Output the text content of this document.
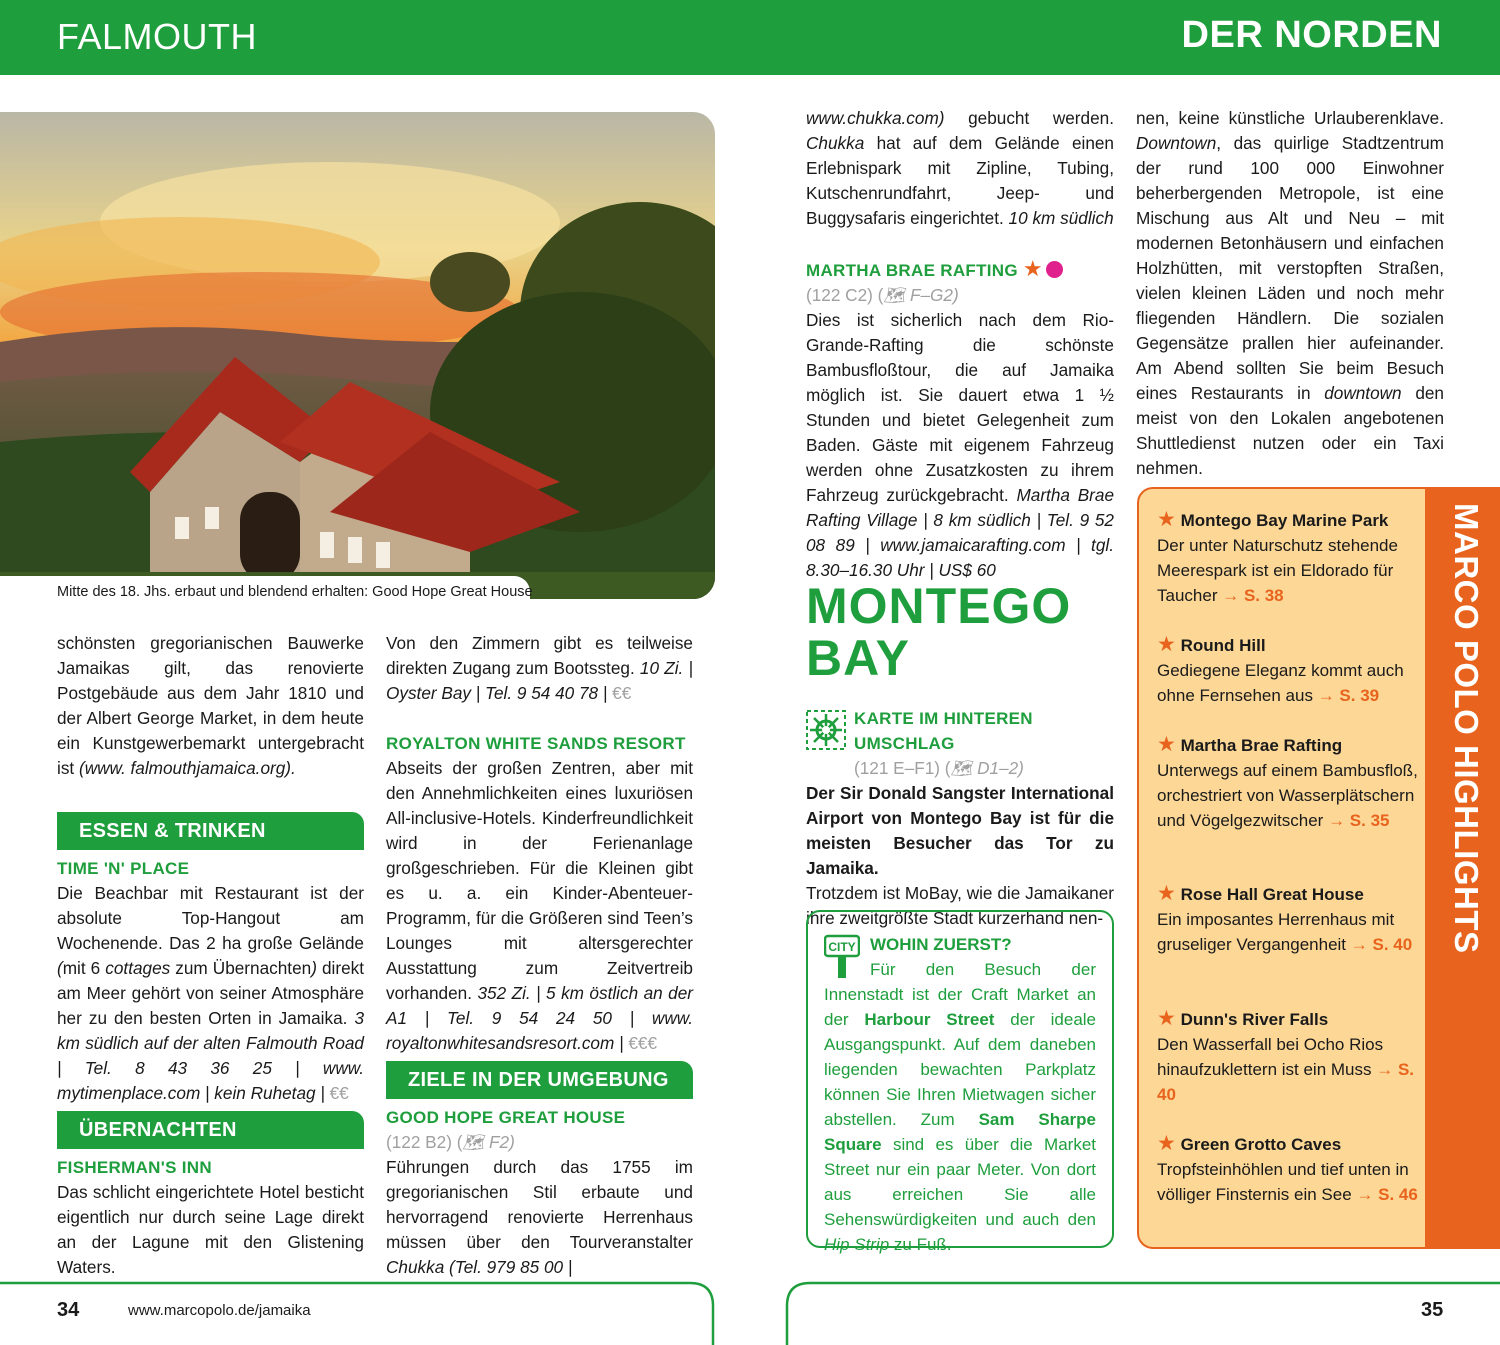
FALMOUTH	DER NORDEN
Mitte des 18. Jhs. erbaut und blendend erhalten: Good Hope Great House

schönsten gregorianischen Bauwerke Jamaikas gilt, das renovierte Postgebäude aus dem Jahr 1810 und der Albert George Market, in dem heute ein Kunstgewerbemarkt untergebracht ist (www. falmouthjamaica.org).

ESSEN & TRINKEN
TIME 'N' PLACE

Die Beachbar mit Restaurant ist der absolute Top-Hangout am Wochenende. Das 2 ha große Gelände (mit 6 cottages zum Übernachten) direkt am Meer gehört von seiner Atmosphäre her zu den besten Orten in Jamaika. 3 km südlich auf der alten Falmouth Road | Tel. 8 43 36 25 | www. mytimenplace.com | kein Ruhetag | €€

ÜBERNACHTEN
FISHERMAN'S INN

Das schlicht eingerichtete Hotel besticht eigentlich nur durch seine Lage direkt an der Lagune mit den Glistening Waters.

Von den Zimmern gibt es teilweise direkten Zugang zum Bootssteg. 10 Zi. | Oyster Bay | Tel. 9 54 40 78 | €€

ROYALTON WHITE SANDS RESORT

Abseits der großen Zentren, aber mit den Annehmlichkeiten eines luxuriösen All-inclusive-Hotels. Kinderfreundlichkeit wird in der Ferienanlage großgeschrieben. Für die Kleinen gibt es u. a. ein Kinder-Abenteuer-Programm, für die Größeren sind Teen’s Lounges mit altersgerechter Ausstattung zum Zeitvertreib vorhanden. 352 Zi. | 5 km östlich an der A1 | Tel. 9 54 24 50 | www. royaltonwhitesandsresort.com | €€€

ZIELE IN DER UMGEBUNG
GOOD HOPE GREAT HOUSE
(122 B2) (🗺 F2)

Führungen durch das 1755 im gregorianischen Stil erbaute und hervorragend renovierte Herrenhaus müssen über den Tourveranstalter Chukka (Tel. 979 85 00 |

www.chukka.com) gebucht werden. Chukka hat auf dem Gelände einen Erlebnispark mit Zipline, Tubing, Kutschenrundfahrt, Jeep- und Buggysafaris eingerichtet. 10 km südlich

MARTHA BRAE RAFTING ★
(122 C2) (🗺 F–G2)

Dies ist sicherlich nach dem Rio-Grande-Rafting die schönste Bambusfloßtour, die auf Jamaika möglich ist. Sie dauert etwa 1 ½ Stunden und bietet Gelegenheit zum Baden. Gäste mit eigenem Fahrzeug werden ohne Zusatzkosten zu ihrem Fahrzeug zurückgebracht. Martha Brae Rafting Village | 8 km südlich | Tel. 9 52 08 89 | www.jamaicarafting.com | tgl. 8.30–16.30 Uhr | US$ 60

MONTEGO
BAY
KARTE IM HINTEREN UMSCHLAG
(121 E–F1) (🗺 D1–2)

Der Sir Donald Sangster International Airport von Montego Bay ist für die meisten Besucher das Tor zu Jamaika.

Trotzdem ist MoBay, wie die Jamaikaner ihre zweitgrößte Stadt kurzerhand nen-

CITY WOHIN ZUERST?

Für den Besuch der Innenstadt ist der Craft Market an der Harbour Street der ideale Ausgangspunkt. Auf dem daneben liegenden bewachten Parkplatz können Sie Ihren Mietwagen sicher abstellen. Zum Sam Sharpe Square sind es über die Market Street nur ein paar Meter. Von dort aus erreichen Sie alle Sehenswürdigkeiten und auch den Hip Strip zu Fuß.

nen, keine künstliche Urlauberenklave. Downtown, das quirlige Stadtzentrum der rund 100 000 Einwohner beherbergenden Metropole, ist eine Mischung aus Alt und Neu – mit modernen Betonhäusern und einfachen Holzhütten, mit verstopften Straßen, vielen kleinen Läden und noch mehr fliegenden Händlern. Die sozialen Gegensätze prallen hier aufeinander. Am Abend sollten Sie beim Besuch eines Restaurants in downtown den meist von den Lokalen angebotenen Shuttledienst nutzen oder ein Taxi nehmen.

★ Montego Bay Marine Park
Der unter Naturschutz stehende Meerespark ist ein Eldorado für Taucher → S. 38
★ Round Hill
Gediegene Eleganz kommt auch ohne Fernsehen aus → S. 39
★ Martha Brae Rafting
Unterwegs auf einem Bambusfloß, orchestriert von Wasserplätschern und Vögelgezwitscher → S. 35
★ Rose Hall Great House
Ein imposantes Herrenhaus mit gruseliger Vergangenheit → S. 40
★ Dunn's River Falls
Den Wasserfall bei Ocho Rios hinaufzuklettern ist ein Muss → S. 40
★ Green Grotto Caves
Tropfsteinhöhlen und tief unten in völliger Finsternis ein See → S. 46
MARCO POLO HIGHLIGHTS
34	www.marcopolo.de/jamaika	35
